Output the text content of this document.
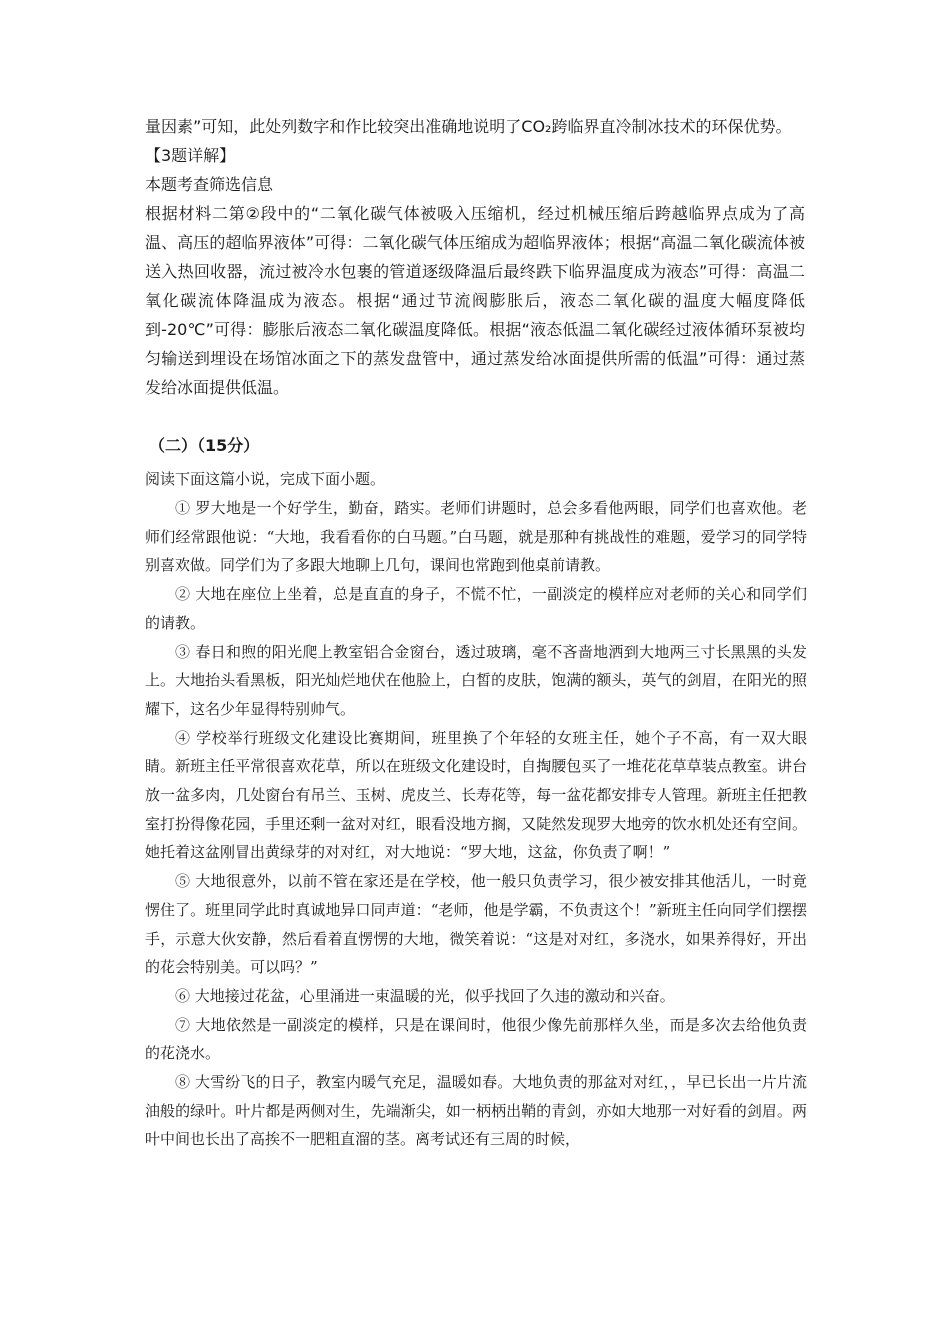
量因素”可知，此处列数字和作比较突出准确地说明了CO₂跨临界直冷制冰技术的环保优势。

【3题详解】

本题考查筛选信息

根据材料二第②段中的“二氧化碳气体被吸入压缩机，经过机械压缩后跨越临界点成为了高温、高压的超临界液体”可得：二氧化碳气体压缩成为超临界液体；根据“高温二氧化碳流体被送入热回收器，流过被冷水包裹的管道逐级降温后最终跌下临界温度成为液态”可得：高温二氧化碳流体降温成为液态。根据“通过节流阀膨胀后，液态二氧化碳的温度大幅度降低到-20℃”可得：膨胀后液态二氧化碳温度降低。根据“液态低温二氧化碳经过液体循环泵被均匀输送到埋设在场馆冰面之下的蒸发盘管中，通过蒸发给冰面提供所需的低温”可得：通过蒸发给冰面提供低温。

（二）（15分）

阅读下面这篇小说，完成下面小题。

① 罗大地是一个好学生，勤奋，踏实。老师们讲题时，总会多看他两眼，同学们也喜欢他。老师们经常跟他说：“大地，我看看你的白马题。”白马题，就是那种有挑战性的难题，爱学习的同学特别喜欢做。同学们为了多跟大地聊上几句，课间也常跑到他桌前请教。

② 大地在座位上坐着，总是直直的身子，不慌不忙，一副淡定的模样应对老师的关心和同学们的请教。

③ 春日和煦的阳光爬上教室铝合金窗台，透过玻璃，毫不吝啬地洒到大地两三寸长黑黑的头发上。大地抬头看黑板，阳光灿烂地伏在他脸上，白皙的皮肤，饱满的额头，英气的剑眉，在阳光的照耀下，这名少年显得特别帅气。

④ 学校举行班级文化建设比赛期间，班里换了个年轻的女班主任，她个子不高，有一双大眼睛。新班主任平常很喜欢花草，所以在班级文化建设时，自掏腰包买了一堆花花草草装点教室。讲台放一盆多肉，几处窗台有吊兰、玉树、虎皮兰、长寿花等，每一盆花都安排专人管理。新班主任把教室打扮得像花园，手里还剩一盆对对红，眼看没地方搁，又陡然发现罗大地旁的饮水机处还有空间。她托着这盆刚冒出黄绿芽的对对红，对大地说：“罗大地，这盆，你负责了啊！”

⑤ 大地很意外，以前不管在家还是在学校，他一般只负责学习，很少被安排其他活儿，一时竟愣住了。班里同学此时真诚地异口同声道：“老师，他是学霸，不负责这个！”新班主任向同学们摆摆手，示意大伙安静，然后看着直愣愣的大地，微笑着说：“这是对对红，多浇水，如果养得好，开出的花会特别美。可以吗？”

⑥ 大地接过花盆，心里涌进一束温暖的光，似乎找回了久违的激动和兴奋。

⑦ 大地依然是一副淡定的模样，只是在课间时，他很少像先前那样久坐，而是多次去给他负责的花浇水。

⑧ 大雪纷飞的日子，教室内暖气充足，温暖如春。大地负责的那盆对对红，，早已长出一片片流油般的绿叶。叶片都是两侧对生，先端渐尖，如一柄柄出鞘的青剑，亦如大地那一对好看的剑眉。两叶中间也长出了高挨不一肥粗直溜的茎。离考试还有三周的时候，
